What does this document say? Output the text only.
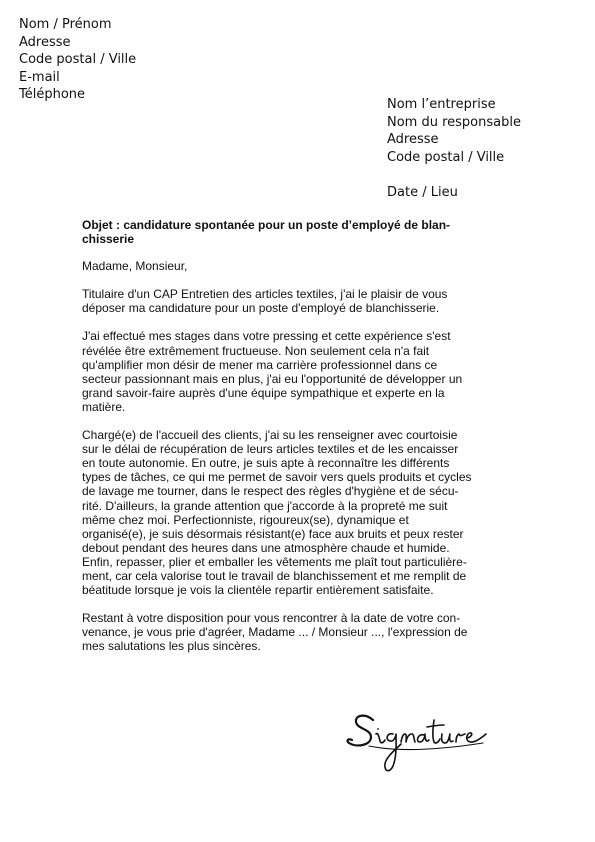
Nom / Prénom
Adresse
Code postal / Ville
E-mail
Téléphone
Nom l’entreprise
Nom du responsable
Adresse
Code postal / Ville
Date / Lieu
Objet : candidature spontanée pour un poste d’employé de blan-
chisserie

Madame, Monsieur,

Titulaire d'un CAP Entretien des articles textiles, j'ai le plaisir de vous
déposer ma candidature pour un poste d'employé de blanchisserie.

J'ai effectué mes stages dans votre pressing et cette expérience s'est
révélée être extrêmement fructueuse. Non seulement cela n'a fait
qu'amplifier mon désir de mener ma carrière professionnel dans ce
secteur passionnant mais en plus, j'ai eu l'opportunité de développer un
grand savoir-faire auprès d'une équipe sympathique et experte en la
matière.

Chargé(e) de l'accueil des clients, j'ai su les renseigner avec courtoisie
sur le délai de récupération de leurs articles textiles et de les encaisser
en toute autonomie. En outre, je suis apte à reconnaître les différents
types de tâches, ce qui me permet de savoir vers quels produits et cycles
de lavage me tourner, dans le respect des règles d'hygiène et de sécu-
rité. D'ailleurs, la grande attention que j'accorde à la propreté me suit
même chez moi. Perfectionniste, rigoureux(se), dynamique et
organisé(e), je suis désormais résistant(e) face aux bruits et peux rester
debout pendant des heures dans une atmosphère chaude et humide.
Enfin, repasser, plier et emballer les vêtements me plaît tout particulière-
ment, car cela valorise tout le travail de blanchissement et me remplit de
béatitude lorsque je vois la clientèle repartir entièrement satisfaite.

Restant à votre disposition pour vous rencontrer à la date de votre con-
venance, je vous prie d'agréer, Madame ... / Monsieur ..., l'expression de
mes salutations les plus sincères.
